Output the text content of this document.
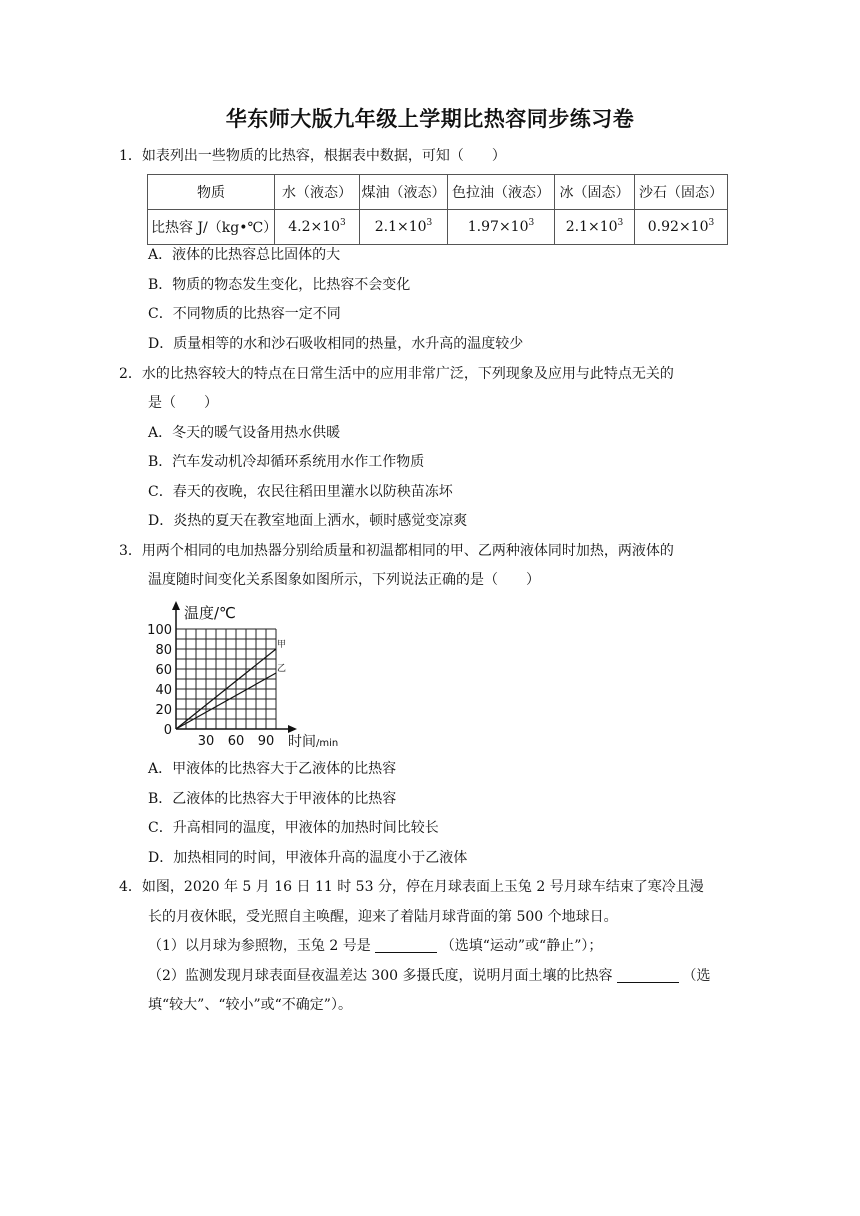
华东师大版九年级上学期比热容同步练习卷
1．如表列出一些物质的比热容，根据表中数据，可知（　　）
物质	水（液态）	煤油（液态）	色拉油（液态）	冰（固态）	沙石（固态）
比热容 J/（kg•℃）	$4.2\times 10^3$	$2.1\times 10^3$	$1.97\times 10^3$	$2.1\times 10^3$	$0.92\times 10^3$
A．液体的比热容总比固体的大
B．物质的物态发生变化，比热容不会变化
C．不同物质的比热容一定不同
D．质量相等的水和沙石吸收相同的热量，水升高的温度较少
2．水的比热容较大的特点在日常生活中的应用非常广泛，下列现象及应用与此特点无关的
是（　　）
A．冬天的暖气设备用热水供暖
B．汽车发动机冷却循环系统用水作工作物质
C．春天的夜晚，农民往稻田里灌水以防秧苗冻坏
D．炎热的夏天在教室地面上洒水，顿时感觉变凉爽
3．用两个相同的电加热器分别给质量和初温都相同的甲、乙两种液体同时加热，两液体的
温度随时间变化关系图象如图所示，下列说法正确的是（　　）
温度/℃
时间/min
甲
乙
0
20
40
60
80
100
30 60 90
A．甲液体的比热容大于乙液体的比热容
B．乙液体的比热容大于甲液体的比热容
C．升高相同的温度，甲液体的加热时间比较长
D．加热相同的时间，甲液体升高的温度小于乙液体
4．如图，2020 年 5 月 16 日 11 时 53 分，停在月球表面上玉兔 2 号月球车结束了寒冷且漫
长的月夜休眠，受光照自主唤醒，迎来了着陆月球背面的第 500 个地球日。
（1）以月球为参照物，玉兔 2 号是	（选填“运动”或“静止”）；
（2）监测发现月球表面昼夜温差达 300 多摄氏度，说明月面土壤的比热容	（选
填“较大”、“较小”或“不确定”）。
